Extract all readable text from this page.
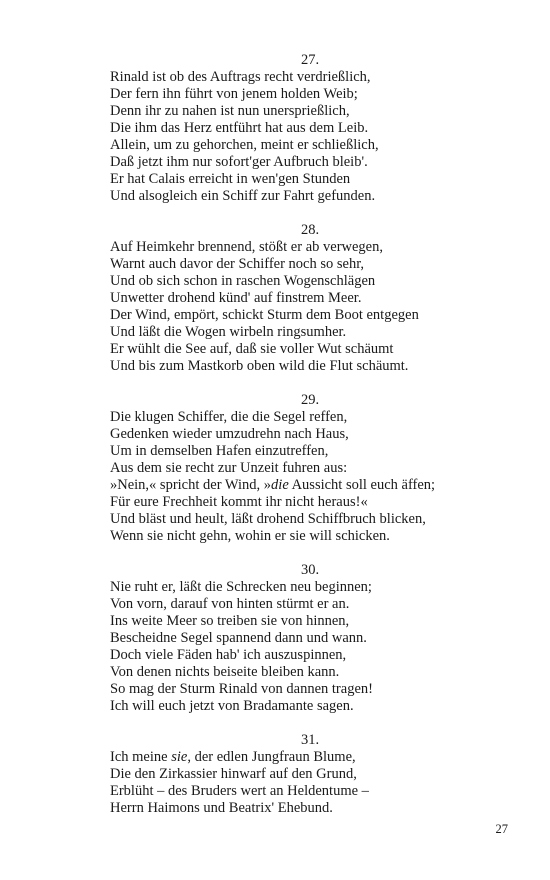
27.
Rinald ist ob des Auftrags recht verdrießlich,
Der fern ihn führt von jenem holden Weib;
Denn ihr zu nahen ist nun unersprießlich,
Die ihm das Herz entführt hat aus dem Leib.
Allein, um zu gehorchen, meint er schließlich,
Daß jetzt ihm nur sofort'ger Aufbruch bleib'.
Er hat Calais erreicht in wen'gen Stunden
Und alsogleich ein Schiff zur Fahrt gefunden.
28.
Auf Heimkehr brennend, stößt er ab verwegen,
Warnt auch davor der Schiffer noch so sehr,
Und ob sich schon in raschen Wogenschlägen
Unwetter drohend künd' auf finstrem Meer.
Der Wind, empört, schickt Sturm dem Boot entgegen
Und läßt die Wogen wirbeln ringsumher.
Er wühlt die See auf, daß sie voller Wut schäumt
Und bis zum Mastkorb oben wild die Flut schäumt.
29.
Die klugen Schiffer, die die Segel reffen,
Gedenken wieder umzudrehn nach Haus,
Um in demselben Hafen einzutreffen,
Aus dem sie recht zur Unzeit fuhren aus:
»Nein,« spricht der Wind, »die Aussicht soll euch äffen;
Für eure Frechheit kommt ihr nicht heraus!«
Und bläst und heult, läßt drohend Schiffbruch blicken,
Wenn sie nicht gehn, wohin er sie will schicken.
30.
Nie ruht er, läßt die Schrecken neu beginnen;
Von vorn, darauf von hinten stürmt er an.
Ins weite Meer so treiben sie von hinnen,
Bescheidne Segel spannend dann und wann.
Doch viele Fäden hab' ich auszuspinnen,
Von denen nichts beiseite bleiben kann.
So mag der Sturm Rinald von dannen tragen!
Ich will euch jetzt von Bradamante sagen.
31.
Ich meine sie, der edlen Jungfraun Blume,
Die den Zirkassier hinwarf auf den Grund,
Erblüht – des Bruders wert an Heldentume –
Herrn Haimons und Beatrix' Ehebund.
27
